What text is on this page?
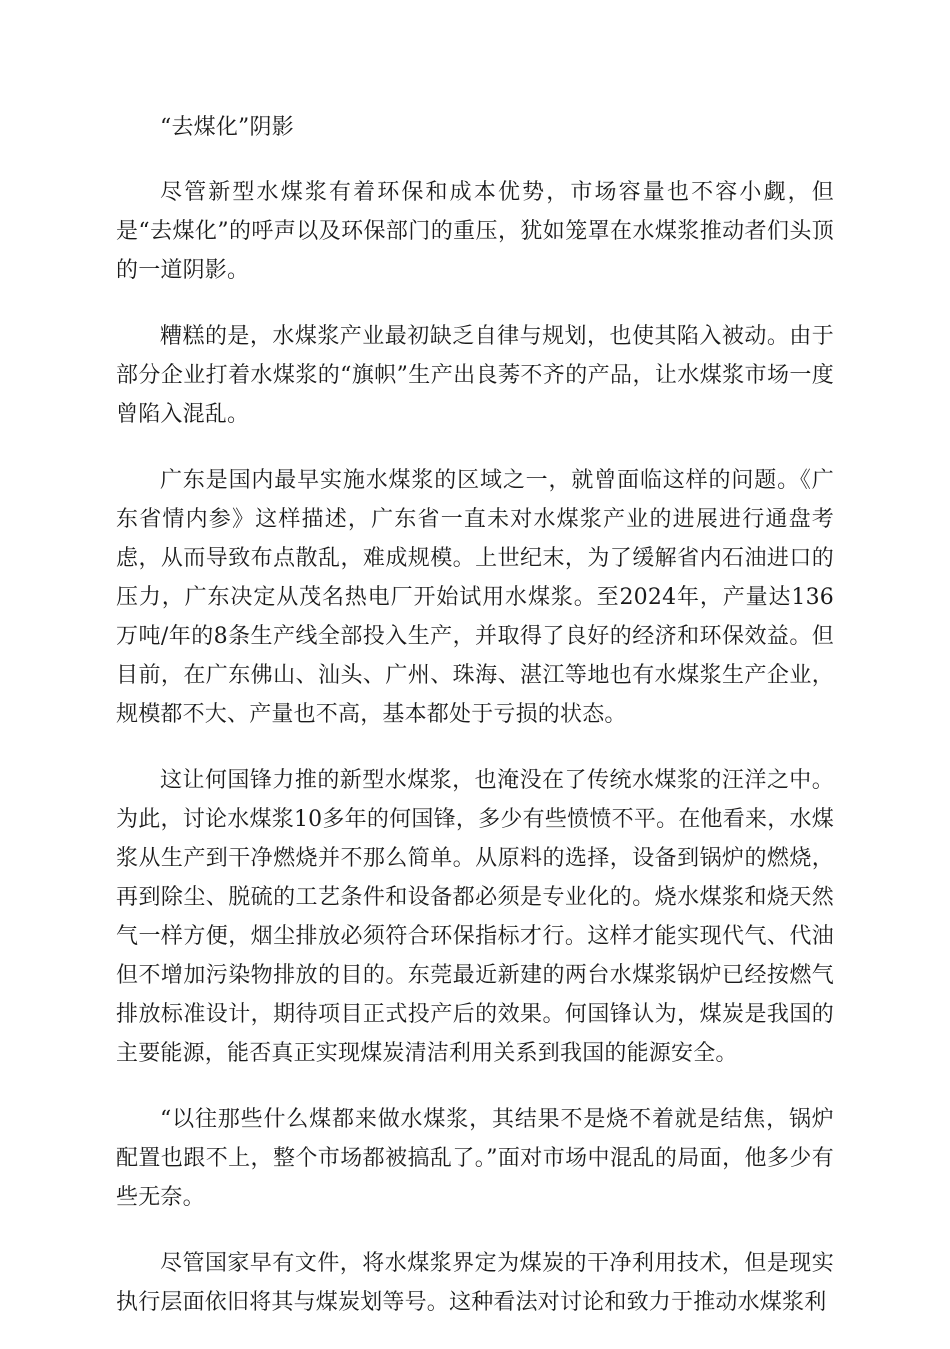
“去煤化”阴影

尽管新型水煤浆有着环保和成本优势，市场容量也不容小觑，但是“去煤化”的呼声以及环保部门的重压，犹如笼罩在水煤浆推动者们头顶的一道阴影。

糟糕的是，水煤浆产业最初缺乏自律与规划，也使其陷入被动。由于部分企业打着水煤浆的“旗帜”生产出良莠不齐的产品，让水煤浆市场一度曾陷入混乱。

广东是国内最早实施水煤浆的区域之一，就曾面临这样的问题。《广东省情内参》这样描述，广东省一直未对水煤浆产业的进展进行通盘考虑，从而导致布点散乱，难成规模。上世纪末，为了缓解省内石油进口的压力，广东决定从茂名热电厂开始试用水煤浆。至2024年，产量达136万吨/年的8条生产线全部投入生产，并取得了良好的经济和环保效益。但目前，在广东佛山、汕头、广州、珠海、湛江等地也有水煤浆生产企业，规模都不大、产量也不高，基本都处于亏损的状态。

这让何国锋力推的新型水煤浆，也淹没在了传统水煤浆的汪洋之中。为此，讨论水煤浆10多年的何国锋，多少有些愤愤不平。在他看来，水煤浆从生产到干净燃烧并不那么简单。从原料的选择，设备到锅炉的燃烧，再到除尘、脱硫的工艺条件和设备都必须是专业化的。烧水煤浆和烧天然气一样方便，烟尘排放必须符合环保指标才行。这样才能实现代气、代油但不增加污染物排放的目的。东莞最近新建的两台水煤浆锅炉已经按燃气排放标准设计，期待项目正式投产后的效果。何国锋认为，煤炭是我国的主要能源，能否真正实现煤炭清洁利用关系到我国的能源安全。

“以往那些什么煤都来做水煤浆，其结果不是烧不着就是结焦，锅炉配置也跟不上，整个市场都被搞乱了。”面对市场中混乱的局面，他多少有些无奈。

尽管国家早有文件，将水煤浆界定为煤炭的干净利用技术，但是现实执行层面依旧将其与煤炭划等号。这种看法对讨论和致力于推动水煤浆利
